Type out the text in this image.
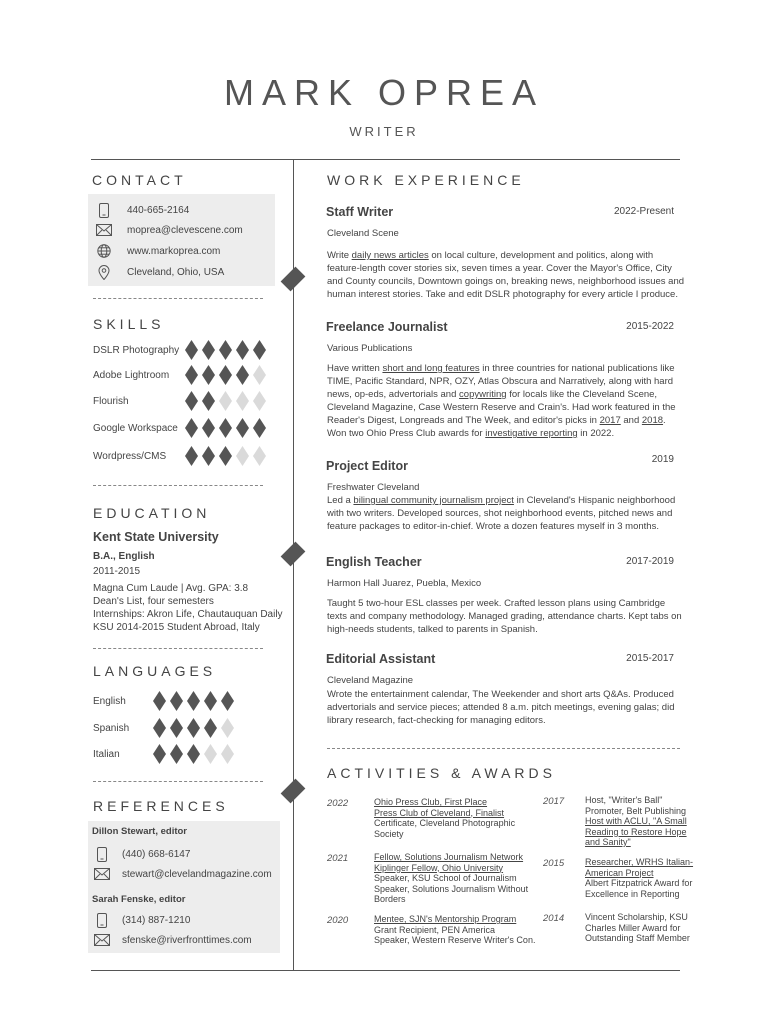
MARK OPREA
WRITER
CONTACT
440-665-2164
moprea@clevescene.com
www.markoprea.com
Cleveland, Ohio, USA
SKILLS
DSLR Photography
Adobe Lightroom
Flourish
Google Workspace
Wordpress/CMS
EDUCATION
Kent State University
B.A., English
2011-2015
Magna Cum Laude | Avg. GPA: 3.8
Dean's List, four semesters
Internships: Akron Life, Chautauquan Daily
KSU 2014-2015 Student Abroad, Italy
LANGUAGES
English
Spanish
Italian
REFERENCES
Dillon Stewart, editor
(440) 668-6147
stewart@clevelandmagazine.com
Sarah Fenske, editor
(314) 887-1210
sfenske@riverfronttimes.com
WORK EXPERIENCE
Staff Writer	2022-Present
Cleveland Scene
Write daily news articles on local culture, development and politics, along with feature-length cover stories six, seven times a year. Cover the Mayor's Office, City and County councils, Downtown goings on, breaking news, neighborhood issues and human interest stories. Take and edit DSLR photography for every article I produce.
Freelance Journalist	2015-2022
Various Publications
Have written short and long features in three countries for national publications like TIME, Pacific Standard, NPR, OZY, Atlas Obscura and Narratively, along with hard news, op-eds, advertorials and copywriting for locals like the Cleveland Scene, Cleveland Magazine, Case Western Reserve and Crain's. Had work featured in the Reader's Digest, Longreads and The Week, and editor's picks in 2017 and 2018. Won two Ohio Press Club awards for investigative reporting in 2022.
Project Editor	2019
Freshwater Cleveland
Led a bilingual community journalism project in Cleveland's Hispanic neighborhood with two writers. Developed sources, shot neighborhood events, pitched news and feature packages to editor-in-chief. Wrote a dozen features myself in 3 months.
English Teacher	2017-2019
Harmon Hall Juarez, Puebla, Mexico
Taught 5 two-hour ESL classes per week. Crafted lesson plans using Cambridge texts and company methodology. Managed grading, attendance charts. Kept tabs on high-needs students, talked to parents in Spanish.
Editorial Assistant	2015-2017
Cleveland Magazine
Wrote the entertainment calendar, The Weekender and short arts Q&As. Produced advertorials and service pieces; attended 8 a.m. pitch meetings, evening galas; did library research, fact-checking for managing editors.
ACTIVITIES & AWARDS
2022	Ohio Press Club, First Place
Press Club of Cleveland, Finalist
Certificate, Cleveland Photographic
Society
2021	Fellow, Solutions Journalism Network
Kiplinger Fellow, Ohio University
Speaker, KSU School of Journalism
Speaker, Solutions Journalism Without
Borders
2020	Mentee, SJN's Mentorship Program
Grant Recipient, PEN America
Speaker, Western Reserve Writer's Con.
2017 Host, "Writer's Ball"
Promoter, Belt Publishing
Host with ACLU, "A Small
Reading to Restore Hope
and Sanity"
2015 Researcher, WRHS Italian-
American Project
Albert Fitzpatrick Award for
Excellence in Reporting
2014 Vincent Scholarship, KSU
Charles Miller Award for
Outstanding Staff Member
